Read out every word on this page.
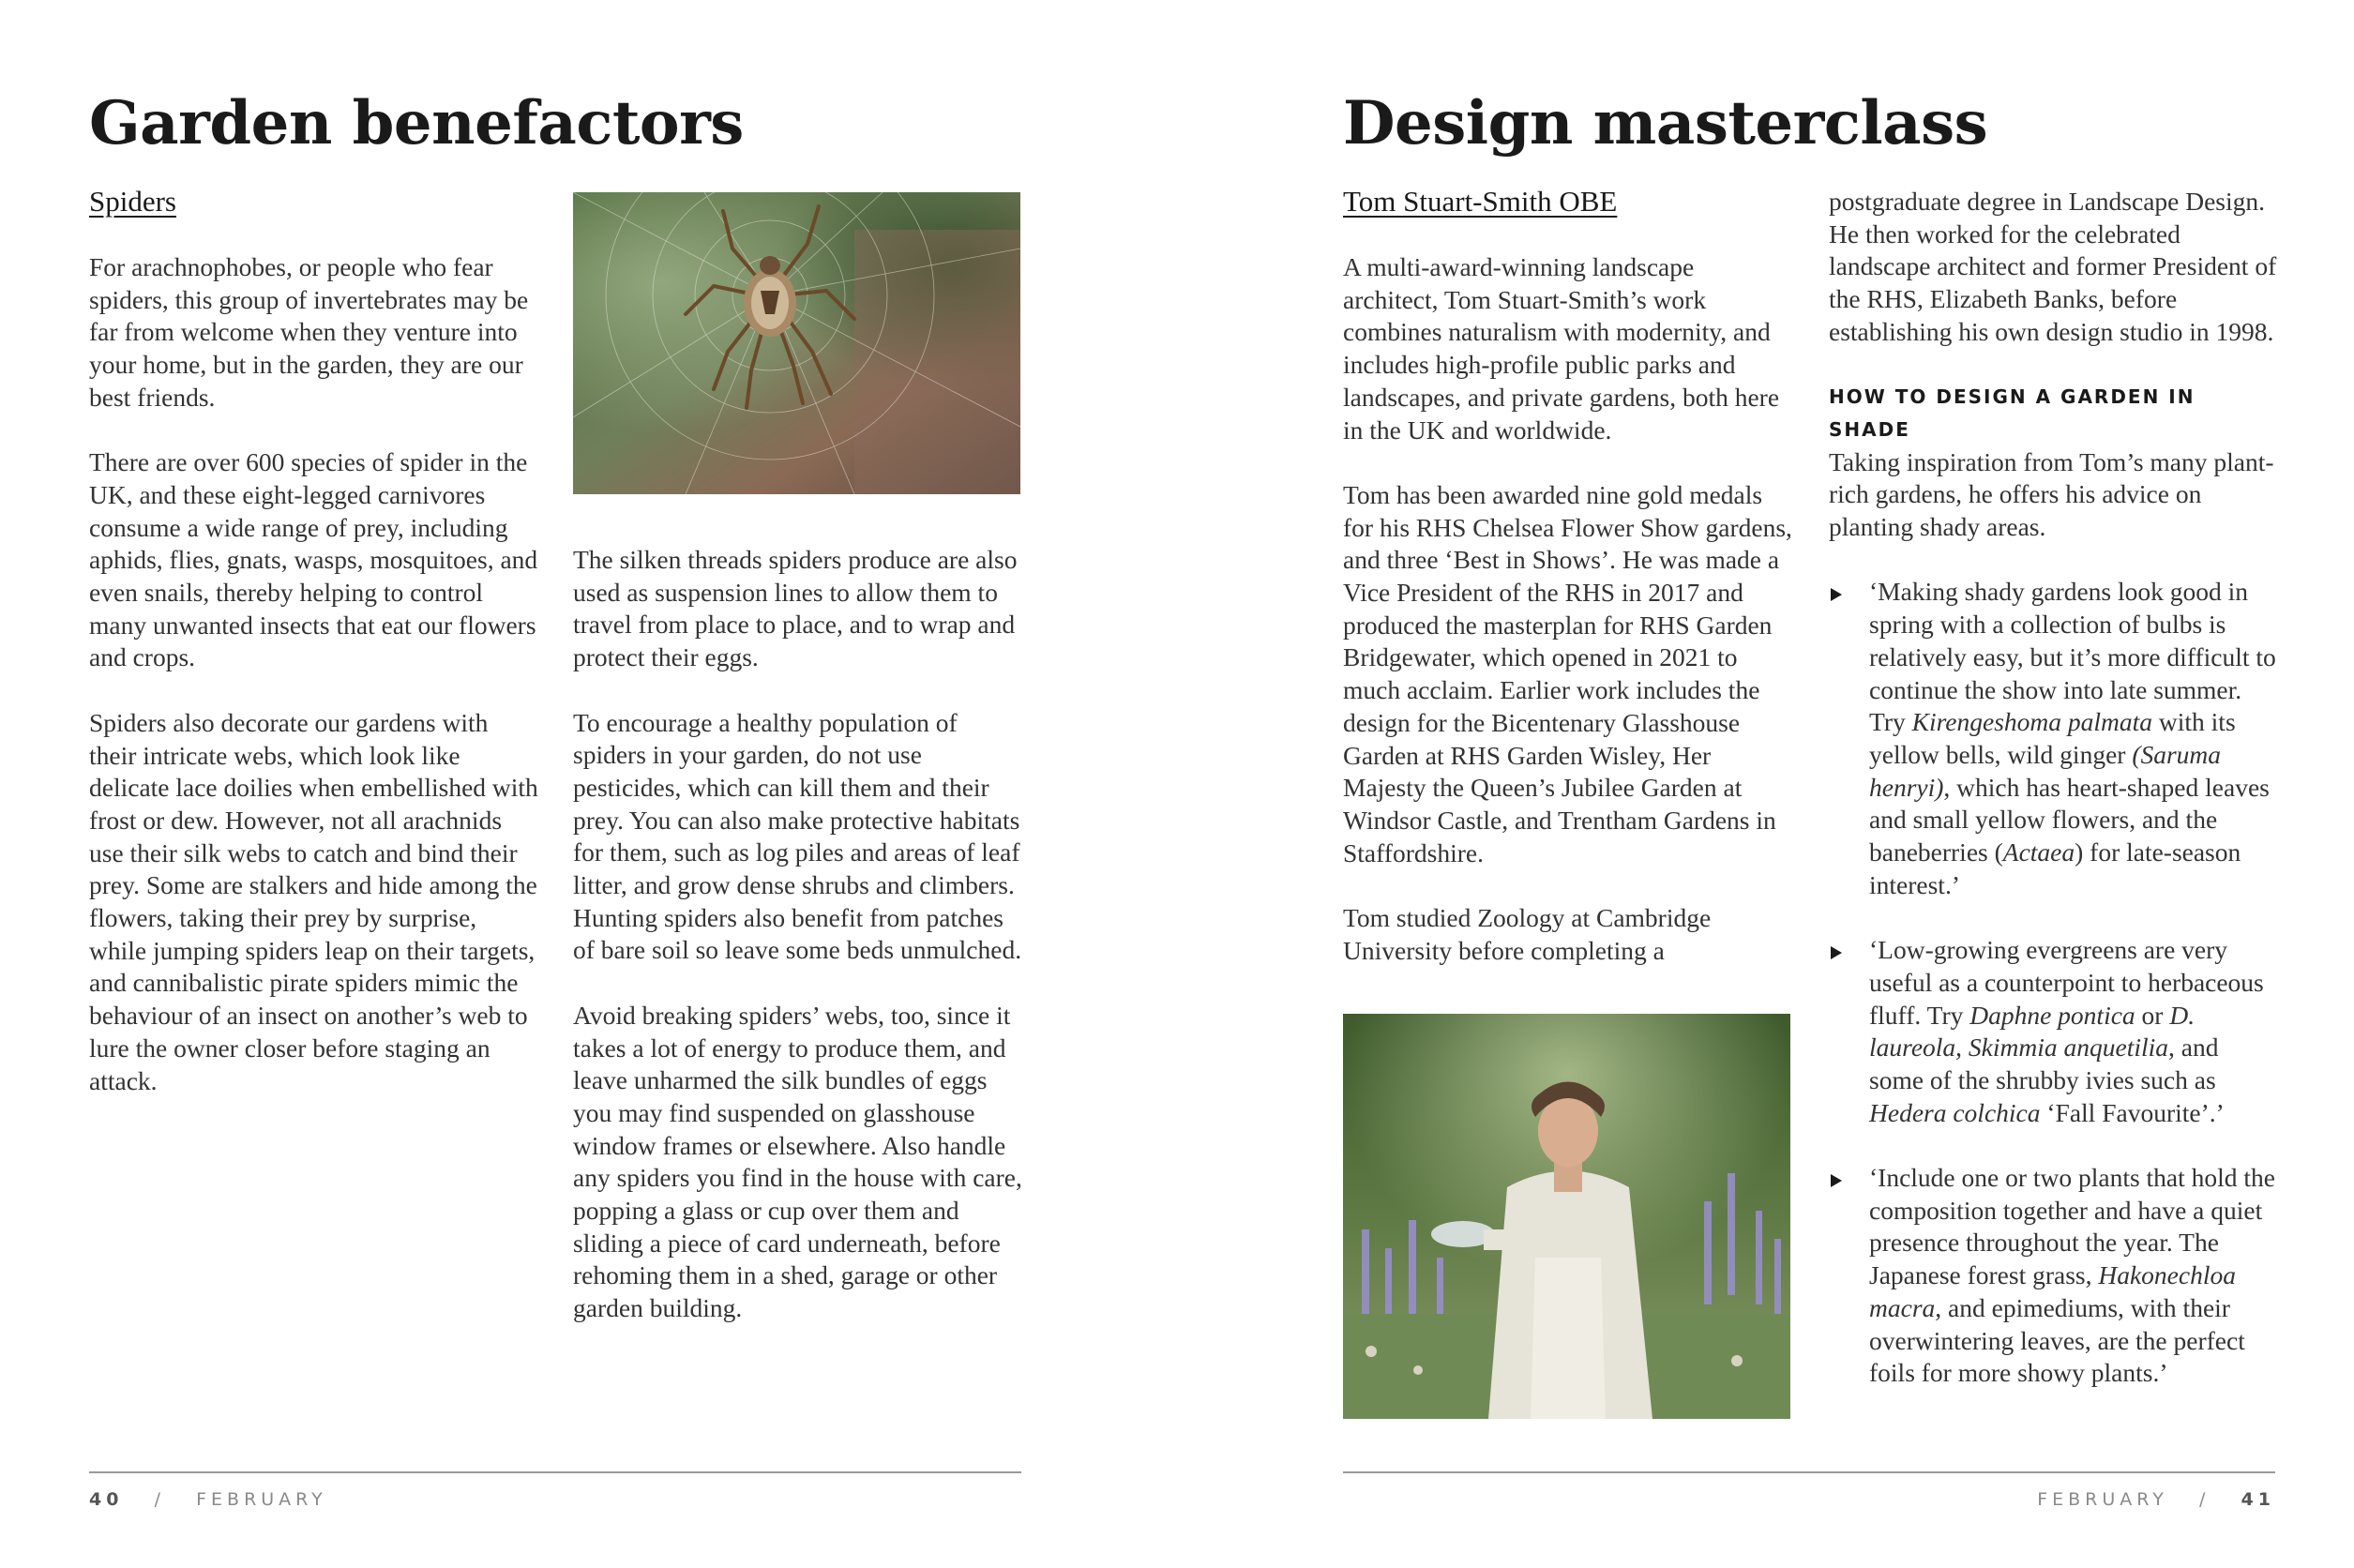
Garden benefactors
Spiders

For arachnophobes, or people who fear spiders, this group of invertebrates may be far from welcome when they venture into your home, but in the garden, they are our best friends.

There are over 600 species of spider in the UK, and these eight-legged carnivores consume a wide range of prey, including aphids, flies, gnats, wasps, mosquitoes, and even snails, thereby helping to control many unwanted insects that eat our flowers and crops.

Spiders also decorate our gardens with their intricate webs, which look like delicate lace doilies when embellished with frost or dew. However, not all arachnids use their silk webs to catch and bind their prey. Some are stalkers and hide among the flowers, taking their prey by surprise, while jumping spiders leap on their targets, and cannibalistic pirate spiders mimic the behaviour of an insect on another’s web to lure the owner closer before staging an attack.

The silken threads spiders produce are also used as suspension lines to allow them to travel from place to place, and to wrap and protect their eggs.

To encourage a healthy population of spiders in your garden, do not use pesticides, which can kill them and their prey. You can also make protective habitats for them, such as log piles and areas of leaf litter, and grow dense shrubs and climbers. Hunting spiders also benefit from patches of bare soil so leave some beds unmulched.

Avoid breaking spiders’ webs, too, since it takes a lot of energy to produce them, and leave unharmed the silk bundles of eggs you may find suspended on glasshouse window frames or elsewhere. Also handle any spiders you find in the house with care, popping a glass or cup over them and sliding a piece of card underneath, before rehoming them in a shed, garage or other garden building.

40 / FEBRUARY
Design masterclass
Tom Stuart-Smith OBE

A multi-award-winning landscape architect, Tom Stuart-Smith’s work combines naturalism with modernity, and includes high-profile public parks and landscapes, and private gardens, both here in the UK and worldwide.

Tom has been awarded nine gold medals for his RHS Chelsea Flower Show gardens, and three ‘Best in Shows’. He was made a Vice President of the RHS in 2017 and produced the masterplan for RHS Garden Bridgewater, which opened in 2021 to much acclaim. Earlier work includes the design for the Bicentenary Glasshouse Garden at RHS Garden Wisley, Her Majesty the Queen’s Jubilee Garden at Windsor Castle, and Trentham Gardens in Staffordshire.

Tom studied Zoology at Cambridge University before completing a

postgraduate degree in Landscape Design. He then worked for the celebrated landscape architect and former President of the RHS, Elizabeth Banks, before establishing his own design studio in 1998.

HOW TO DESIGN A GARDEN IN SHADE

Taking inspiration from Tom’s many plant-rich gardens, he offers his advice on planting shady areas.

‘Making shady gardens look good in spring with a collection of bulbs is relatively easy, but it’s more difficult to continue the show into late summer. Try Kirengeshoma palmata with its yellow bells, wild ginger (Saruma henryi), which has heart-shaped leaves and small yellow flowers, and the baneberries (Actaea) for late-season interest.’
‘Low-growing evergreens are very useful as a counterpoint to herbaceous fluff. Try Daphne pontica or D. laureola, Skimmia anquetilia, and some of the shrubby ivies such as Hedera colchica ‘Fall Favourite’.’
‘Include one or two plants that hold the composition together and have a quiet presence throughout the year. The Japanese forest grass, Hakonechloa macra, and epimediums, with their overwintering leaves, are the perfect foils for more showy plants.’
FEBRUARY / 41
